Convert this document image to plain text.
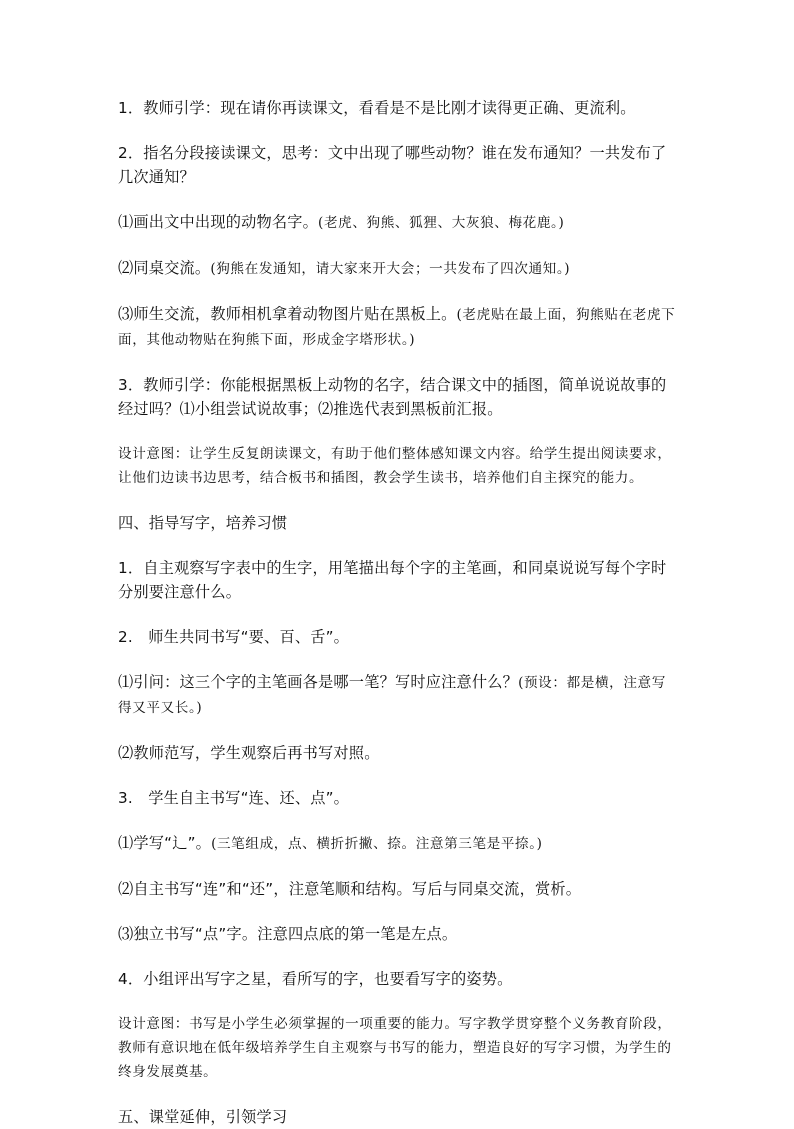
1．教师引学：现在请你再读课文，看看是不是比刚才读得更正确、更流利。

2．指名分段接读课文，思考：文中出现了哪些动物？谁在发布通知？一共发布了几次通知？

⑴画出文中出现的动物名字。(老虎、狗熊、狐狸、大灰狼、梅花鹿。)

⑵同桌交流。(狗熊在发通知，请大家来开大会；一共发布了四次通知。)

⑶师生交流，教师相机拿着动物图片贴在黑板上。(老虎贴在最上面，狗熊贴在老虎下面，其他动物贴在狗熊下面，形成金字塔形状。)

3．教师引学：你能根据黑板上动物的名字，结合课文中的插图，简单说说故事的经过吗？⑴小组尝试说故事；⑵推选代表到黑板前汇报。

设计意图：让学生反复朗读课文，有助于他们整体感知课文内容。给学生提出阅读要求，让他们边读书边思考，结合板书和插图，教会学生读书，培养他们自主探究的能力。

四、指导写字，培养习惯

1．自主观察写字表中的生字，用笔描出每个字的主笔画，和同桌说说写每个字时分别要注意什么。

2.　师生共同书写“要、百、舌”。

⑴引问：这三个字的主笔画各是哪一笔？写时应注意什么？(预设：都是横，注意写得又平又长。)

⑵教师范写，学生观察后再书写对照。

3.　学生自主书写“连、还、点”。

⑴学写“辶”。(三笔组成，点、横折折撇、捺。注意第三笔是平捺。)

⑵自主书写“连”和“还”，注意笔顺和结构。写后与同桌交流，赏析。

⑶独立书写“点”字。注意四点底的第一笔是左点。

4．小组评出写字之星，看所写的字，也要看写字的姿势。

设计意图：书写是小学生必须掌握的一项重要的能力。写字教学贯穿整个义务教育阶段，教师有意识地在低年级培养学生自主观察与书写的能力，塑造良好的写字习惯，为学生的终身发展奠基。

五、课堂延伸，引领学习
